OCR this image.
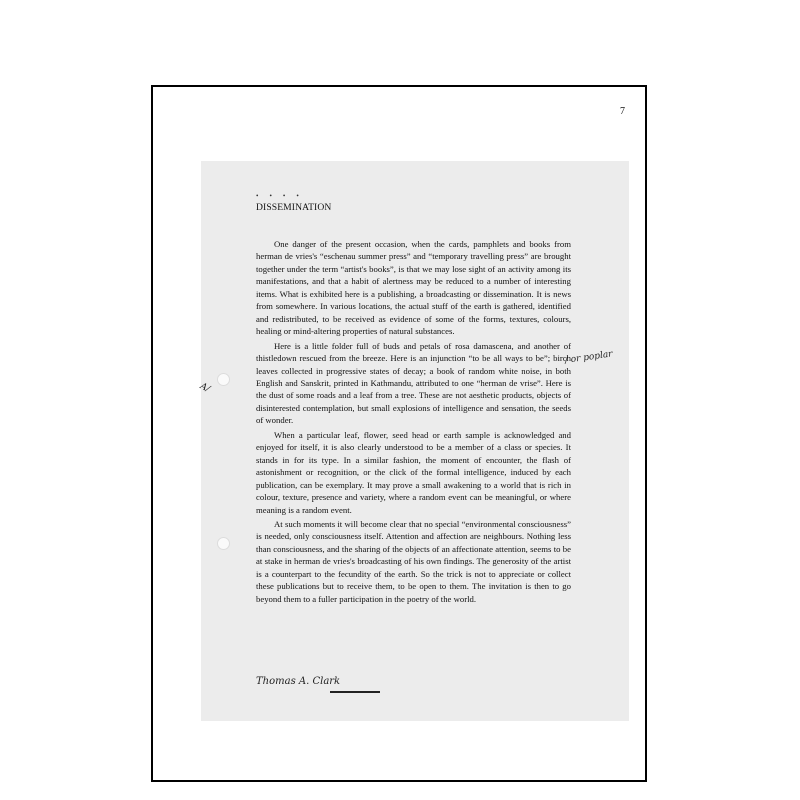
7
••••
DISSEMINATION

One danger of the present occasion, when the cards, pamphlets and books from herman de vries's “eschenau summer press” and “temporary travelling press” are brought together under the term “artist's books”, is that we may lose sight of an activity among its manifestations, and that a habit of alertness may be reduced to a number of interesting items. What is exhibited here is a publishing, a broadcasting or dissemination. It is news from somewhere. In various locations, the actual stuff of the earth is gathered, identified and redistributed, to be received as evidence of some of the forms, textures, colours, healing or mind-altering properties of natural substances.

Here is a little folder full of buds and petals of rosa damascena, and another of thistledown rescued from the breeze. Here is an injunction “to be all ways to be”; birch leaves collected in progressive states of decay; a book of random white noise, in both English and Sanskrit, printed in Kathmandu, attributed to one “herman de vrise”. Here is the dust of some roads and a leaf from a tree. These are not aesthetic products, objects of disinterested contemplation, but small explosions of intelligence and sensation, the seeds of wonder.

When a particular leaf, flower, seed head or earth sample is acknowledged and enjoyed for itself, it is also clearly understood to be a member of a class or species. It stands in for its type. In a similar fashion, the moment of encounter, the flash of astonishment or recognition, or the click of the formal intelligence, induced by each publication, can be exemplary. It may prove a small awakening to a world that is rich in colour, texture, presence and variety, where a random event can be meaningful, or where meaning is a random event.

At such moments it will become clear that no special “environmental consciousness” is needed, only consciousness itself. Attention and affection are neighbours. Nothing less than consciousness, and the sharing of the objects of an affectionate attention, seems to be at stake in herman de vries's broadcasting of his own findings. The generosity of the artist is a counterpart to the fecundity of the earth. So the trick is not to appreciate or collect these publications but to receive them, to be open to them. The invitation is then to go beyond them to a fuller participation in the poetry of the world.

/ or poplar
A/
Thomas A. Clark
